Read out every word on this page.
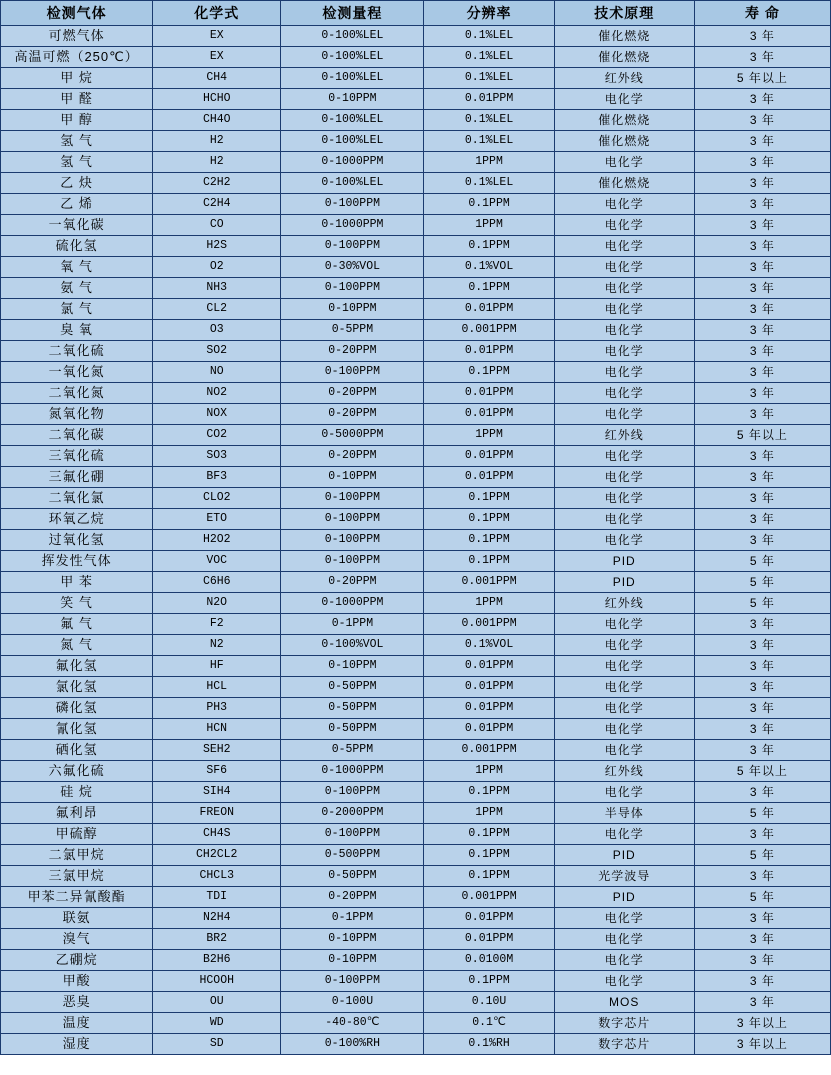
检测气体	化学式	检测量程	分辨率	技术原理	寿 命
可燃气体	EX	0-100%LEL	0.1%LEL	催化燃烧	3 年
高温可燃（250℃）	EX	0-100%LEL	0.1%LEL	催化燃烧	3 年
甲 烷	CH4	0-100%LEL	0.1%LEL	红外线	5 年以上
甲 醛	HCHO	0-10PPM	0.01PPM	电化学	3 年
甲 醇	CH4O	0-100%LEL	0.1%LEL	催化燃烧	3 年
氢 气	H2	0-100%LEL	0.1%LEL	催化燃烧	3 年
氢 气	H2	0-1000PPM	1PPM	电化学	3 年
乙 炔	C2H2	0-100%LEL	0.1%LEL	催化燃烧	3 年
乙 烯	C2H4	0-100PPM	0.1PPM	电化学	3 年
一氧化碳	CO	0-1000PPM	1PPM	电化学	3 年
硫化氢	H2S	0-100PPM	0.1PPM	电化学	3 年
氧 气	O2	0-30%VOL	0.1%VOL	电化学	3 年
氨 气	NH3	0-100PPM	0.1PPM	电化学	3 年
氯 气	CL2	0-10PPM	0.01PPM	电化学	3 年
臭 氧	O3	0-5PPM	0.001PPM	电化学	3 年
二氧化硫	SO2	0-20PPM	0.01PPM	电化学	3 年
一氧化氮	NO	0-100PPM	0.1PPM	电化学	3 年
二氧化氮	NO2	0-20PPM	0.01PPM	电化学	3 年
氮氧化物	NOX	0-20PPM	0.01PPM	电化学	3 年
二氧化碳	CO2	0-5000PPM	1PPM	红外线	5 年以上
三氧化硫	SO3	0-20PPM	0.01PPM	电化学	3 年
三氟化硼	BF3	0-10PPM	0.01PPM	电化学	3 年
二氧化氯	CLO2	0-100PPM	0.1PPM	电化学	3 年
环氧乙烷	ETO	0-100PPM	0.1PPM	电化学	3 年
过氧化氢	H2O2	0-100PPM	0.1PPM	电化学	3 年
挥发性气体	VOC	0-100PPM	0.1PPM	PID	5 年
甲 苯	C6H6	0-20PPM	0.001PPM	PID	5 年
笑 气	N2O	0-1000PPM	1PPM	红外线	5 年
氟 气	F2	0-1PPM	0.001PPM	电化学	3 年
氮 气	N2	0-100%VOL	0.1%VOL	电化学	3 年
氟化氢	HF	0-10PPM	0.01PPM	电化学	3 年
氯化氢	HCL	0-50PPM	0.01PPM	电化学	3 年
磷化氢	PH3	0-50PPM	0.01PPM	电化学	3 年
氰化氢	HCN	0-50PPM	0.01PPM	电化学	3 年
硒化氢	SEH2	0-5PPM	0.001PPM	电化学	3 年
六氟化硫	SF6	0-1000PPM	1PPM	红外线	5 年以上
硅 烷	SIH4	0-100PPM	0.1PPM	电化学	3 年
氟利昂	FREON	0-2000PPM	1PPM	半导体	5 年
甲硫醇	CH4S	0-100PPM	0.1PPM	电化学	3 年
二氯甲烷	CH2CL2	0-500PPM	0.1PPM	PID	5 年
三氯甲烷	CHCL3	0-50PPM	0.1PPM	光学波导	3 年
甲苯二异氰酸酯	TDI	0-20PPM	0.001PPM	PID	5 年
联氨	N2H4	0-1PPM	0.01PPM	电化学	3 年
溴气	BR2	0-10PPM	0.01PPM	电化学	3 年
乙硼烷	B2H6	0-10PPM	0.0100M	电化学	3 年
甲酸	HCOOH	0-100PPM	0.1PPM	电化学	3 年
恶臭	OU	0-100U	0.10U	MOS	3 年
温度	WD	-40-80℃	0.1℃	数字芯片	3 年以上
湿度	SD	0-100%RH	0.1%RH	数字芯片	3 年以上
